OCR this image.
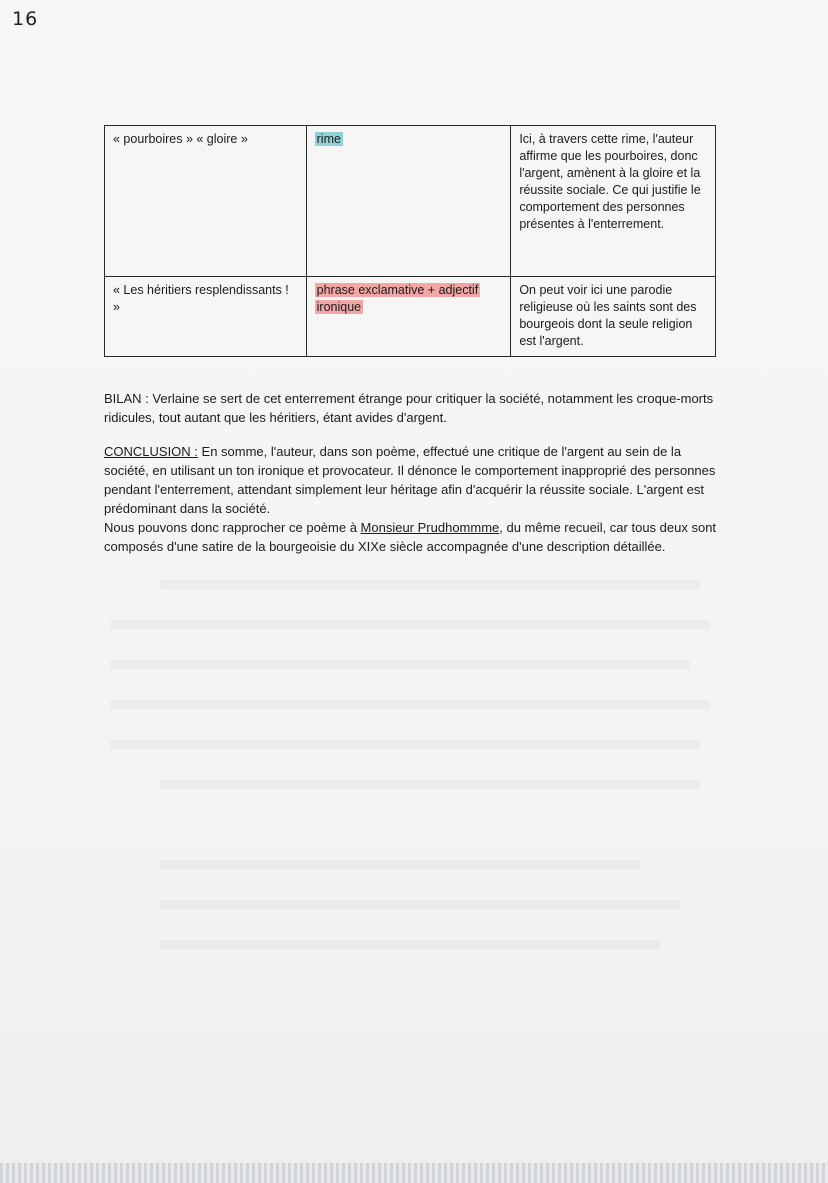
16
« pourboires » « gloire »	rime	Ici, à travers cette rime, l'auteur affirme que les pourboires, donc l'argent, amènent à la gloire et la réussite sociale. Ce qui justifie le comportement des personnes présentes à l'enterrement.
« Les héritiers resplendissants ! »	phrase exclamative + adjectif ironique	On peut voir ici une parodie religieuse où les saints sont des bourgeois dont la seule religion est l'argent.
BILAN : Verlaine se sert de cet enterrement étrange pour critiquer la société, notamment les croque-morts ridicules, tout autant que les héritiers, étant avides d'argent.

CONCLUSION : En somme, l'auteur, dans son poème, effectué une critique de l'argent au sein de la société, en utilisant un ton ironique et provocateur. Il dénonce le comportement inapproprié des personnes pendant l'enterrement, attendant simplement leur héritage afin d'acquérir la réussite sociale. L'argent est prédominant dans la société.

Nous pouvons donc rapprocher ce poème à Monsieur Prudhommme, du même recueil, car tous deux sont composés d'une satire de la bourgeoisie du XIXe siècle accompagnée d'une description détaillée.
